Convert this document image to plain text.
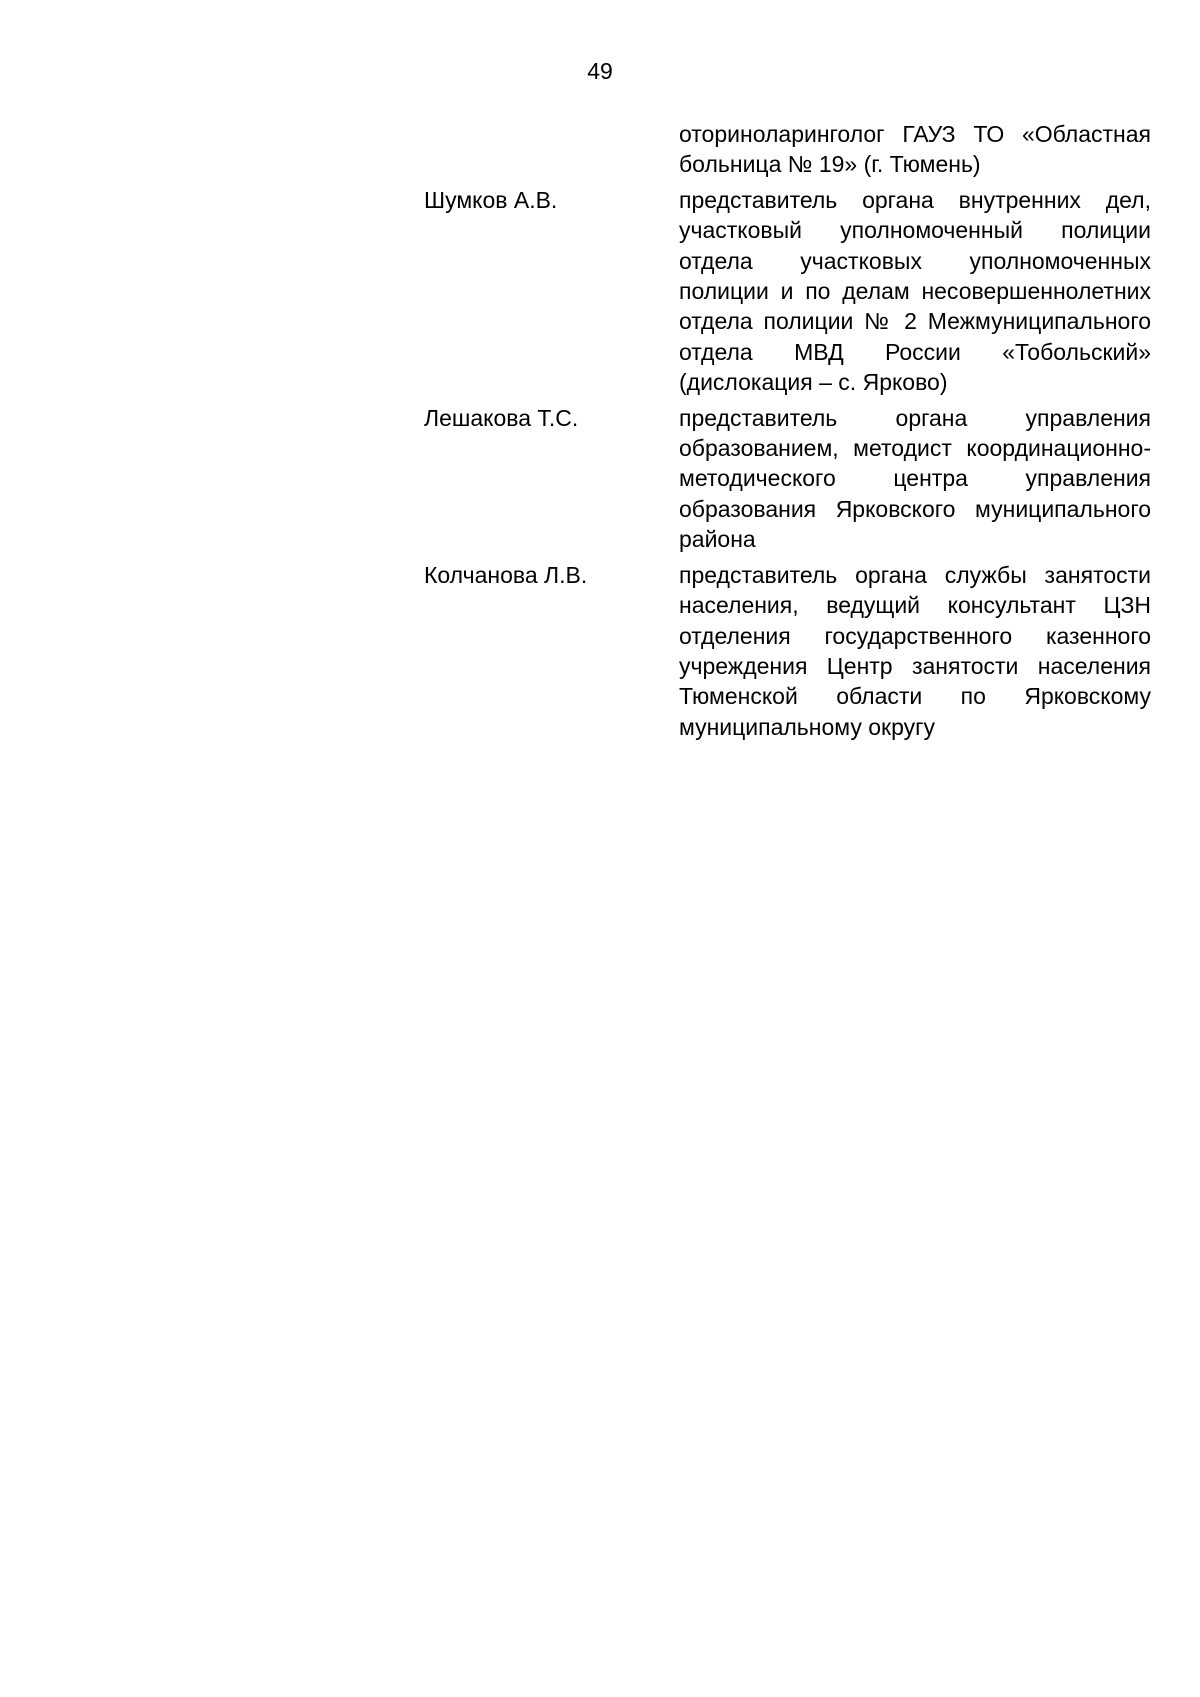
49
оториноларинголог ГАУЗ ТО «Областная больница № 19» (г. Тюмень)
Шумков А.В.	представитель органа внутренних дел, участковый уполномоченный полиции отдела участковых уполномоченных полиции и по делам несовершеннолетних отдела полиции № 2 Межмуниципального отдела МВД России «Тобольский» (дислокация – с. Ярково)
Лешакова Т.С.	представитель органа управления образованием, методист координационно-методического центра управления образования Ярковского муниципального района
Колчанова Л.В.	представитель органа службы занятости населения, ведущий консультант ЦЗН отделения государственного казенного учреждения Центр занятости населения Тюменской области по Ярковскому муниципальному округу
